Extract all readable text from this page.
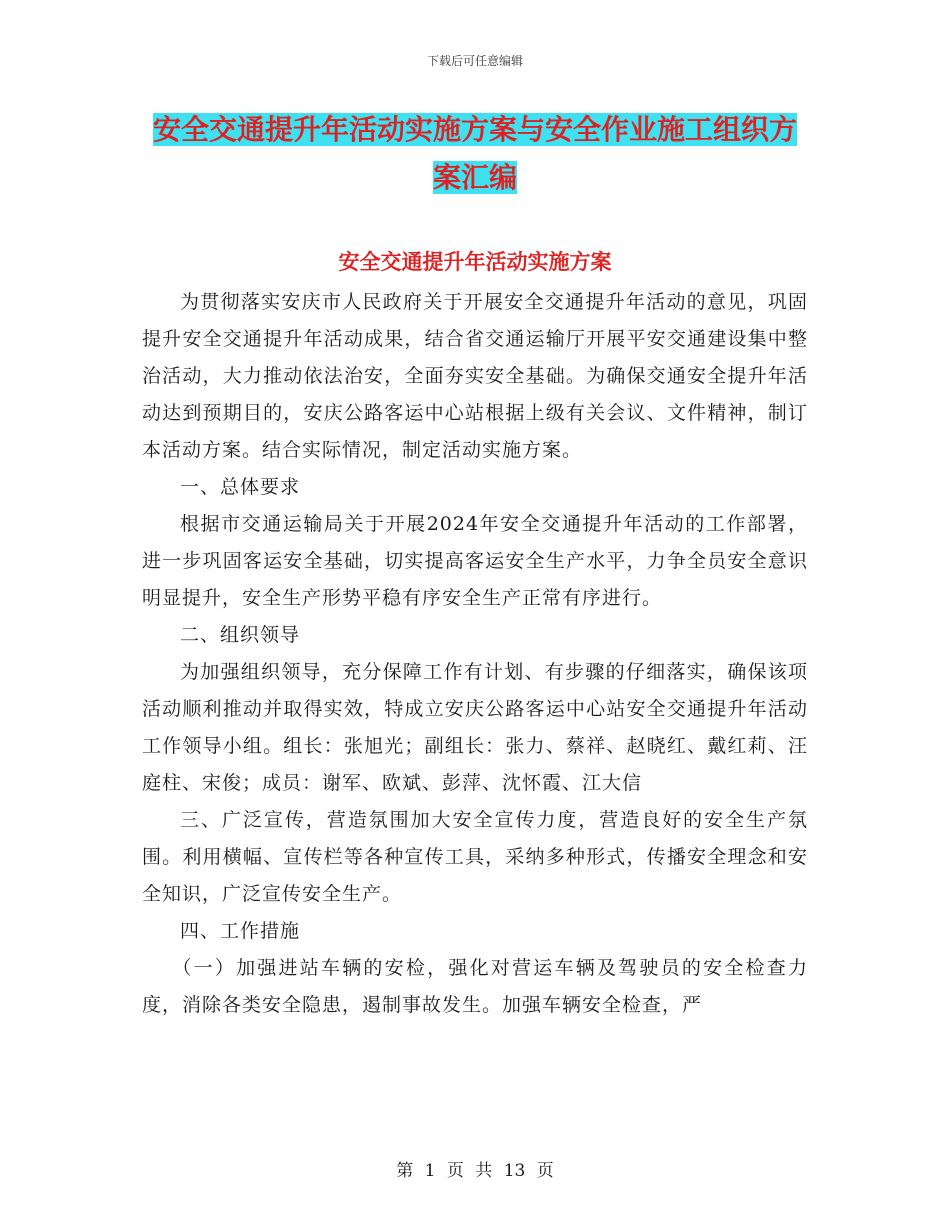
下载后可任意编辑
安全交通提升年活动实施方案与安全作业施工组织方案汇编
安全交通提升年活动实施方案

为贯彻落实安庆市人民政府关于开展安全交通提升年活动的意见，巩固提升安全交通提升年活动成果，结合省交通运输厅开展平安交通建设集中整治活动，大力推动依法治安，全面夯实安全基础。为确保交通安全提升年活动达到预期目的，安庆公路客运中心站根据上级有关会议、文件精神，制订本活动方案。结合实际情况，制定活动实施方案。

一、总体要求

根据市交通运输局关于开展2024年安全交通提升年活动的工作部署，进一步巩固客运安全基础，切实提高客运安全生产水平，力争全员安全意识明显提升，安全生产形势平稳有序安全生产正常有序进行。

二、组织领导

为加强组织领导，充分保障工作有计划、有步骤的仔细落实，确保该项活动顺利推动并取得实效，特成立安庆公路客运中心站安全交通提升年活动工作领导小组。组长：张旭光；副组长：张力、蔡祥、赵晓红、戴红莉、汪庭柱、宋俊；成员：谢军、欧斌、彭萍、沈怀霞、江大信

三、广泛宣传，营造氛围加大安全宣传力度，营造良好的安全生产氛围。利用横幅、宣传栏等各种宣传工具，采纳多种形式，传播安全理念和安全知识，广泛宣传安全生产。

四、工作措施

（一）加强进站车辆的安检，强化对营运车辆及驾驶员的安全检查力度，消除各类安全隐患，遏制事故发生。加强车辆安全检查，严

第 1 页 共 13 页
